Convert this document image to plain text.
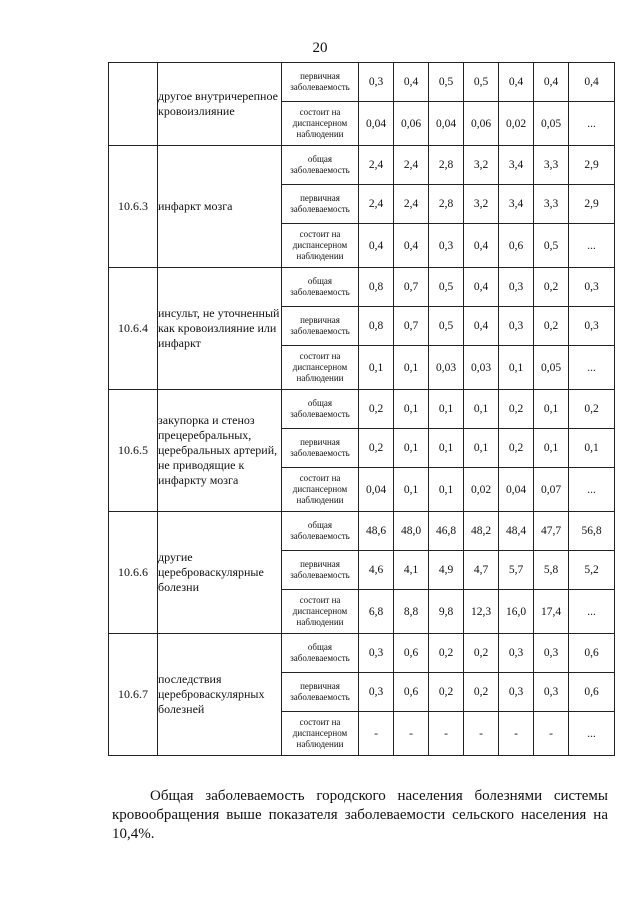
20
	другое внутричерепное кровоизлияние	первичная заболеваемость	0,3	0,4	0,5	0,5	0,4	0,4	0,4
		состоит на диспансерном наблюдении	0,04	0,06	0,04	0,06	0,02	0,05	...
10.6.3	инфаркт мозга	общая заболеваемость	2,4	2,4	2,8	3,2	3,4	3,3	2,9
		первичная заболеваемость	2,4	2,4	2,8	3,2	3,4	3,3	2,9
		состоит на диспансерном наблюдении	0,4	0,4	0,3	0,4	0,6	0,5	...
10.6.4	инсульт, не уточненный как кровоизлияние или инфаркт	общая заболеваемость	0,8	0,7	0,5	0,4	0,3	0,2	0,3
		первичная заболеваемость	0,8	0,7	0,5	0,4	0,3	0,2	0,3
		состоит на диспансерном наблюдении	0,1	0,1	0,03	0,03	0,1	0,05	...
10.6.5	закупорка и стеноз прецеребральных, церебральных артерий, не приводящие к инфаркту мозга	общая заболеваемость	0,2	0,1	0,1	0,1	0,2	0,1	0,2
		первичная заболеваемость	0,2	0,1	0,1	0,1	0,2	0,1	0,1
		состоит на диспансерном наблюдении	0,04	0,1	0,1	0,02	0,04	0,07	...
10.6.6	другие цереброваскулярные болезни	общая заболеваемость	48,6	48,0	46,8	48,2	48,4	47,7	56,8
		первичная заболеваемость	4,6	4,1	4,9	4,7	5,7	5,8	5,2
		состоит на диспансерном наблюдении	6,8	8,8	9,8	12,3	16,0	17,4	...
10.6.7	последствия цереброваскулярных болезней	общая заболеваемость	0,3	0,6	0,2	0,2	0,3	0,3	0,6
		первичная заболеваемость	0,3	0,6	0,2	0,2	0,3	0,3	0,6
		состоит на диспансерном наблюдении	-	-	-	-	-	-	...

Общая заболеваемость городского населения болезнями системы кровообращения выше показателя заболеваемости сельского населения на 10,4%.
